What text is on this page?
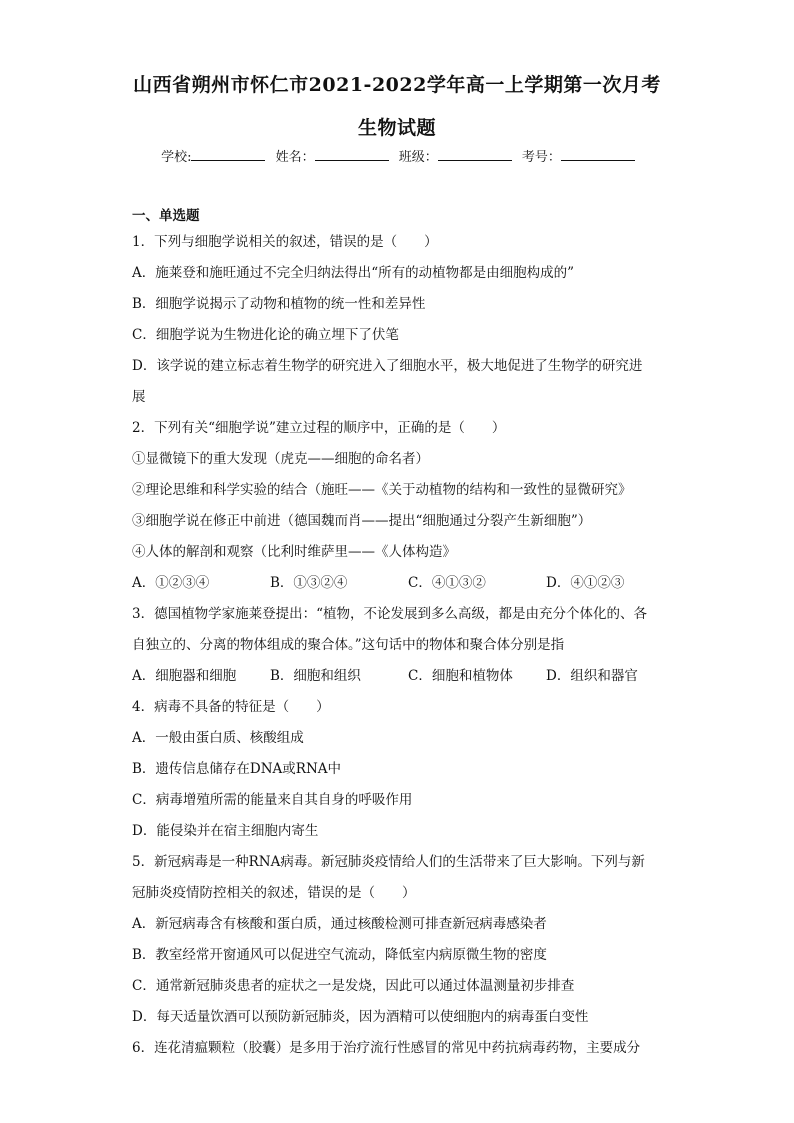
山西省朔州市怀仁市2021-2022学年高一上学期第一次月考
生物试题
学校:	姓名：	班级：	考号：
一、单选题
1．下列与细胞学说相关的叙述，错误的是（　　）
A．施莱登和施旺通过不完全归纳法得出“所有的动植物都是由细胞构成的”
B．细胞学说揭示了动物和植物的统一性和差异性
C．细胞学说为生物进化论的确立埋下了伏笔
D．该学说的建立标志着生物学的研究进入了细胞水平，极大地促进了生物学的研究进
展
2．下列有关“细胞学说”建立过程的顺序中，正确的是（　　）
①显微镜下的重大发现（虎克——细胞的命名者）
②理论思维和科学实验的结合（施旺——《关于动植物的结构和一致性的显微研究》
③细胞学说在修正中前进（德国魏而肖——提出“细胞通过分裂产生新细胞”）
④人体的解剖和观察（比利时维萨里——《人体构造》
A．①②③④	B．①③②④	C．④①③②	D．④①②③
3．德国植物学家施莱登提出：“植物，不论发展到多么高级，都是由充分个体化的、各
自独立的、分离的物体组成的聚合体。”这句话中的物体和聚合体分别是指
A．细胞器和细胞	B．细胞和组织	C．细胞和植物体 D．组织和器官
4．病毒不具备的特征是（　　）
A．一般由蛋白质、核酸组成
B．遗传信息储存在DNA或RNA中
C．病毒增殖所需的能量来自其自身的呼吸作用
D．能侵染并在宿主细胞内寄生
5．新冠病毒是一种RNA病毒。新冠肺炎疫情给人们的生活带来了巨大影响。下列与新
冠肺炎疫情防控相关的叙述，错误的是（　　）
A．新冠病毒含有核酸和蛋白质，通过核酸检测可排查新冠病毒感染者
B．教室经常开窗通风可以促进空气流动，降低室内病原微生物的密度
C．通常新冠肺炎患者的症状之一是发烧，因此可以通过体温测量初步排查
D．每天适量饮酒可以预防新冠肺炎，因为酒精可以使细胞内的病毒蛋白变性
6．连花清瘟颗粒（胶囊）是多用于治疗流行性感冒的常见中药抗病毒药物，主要成分
